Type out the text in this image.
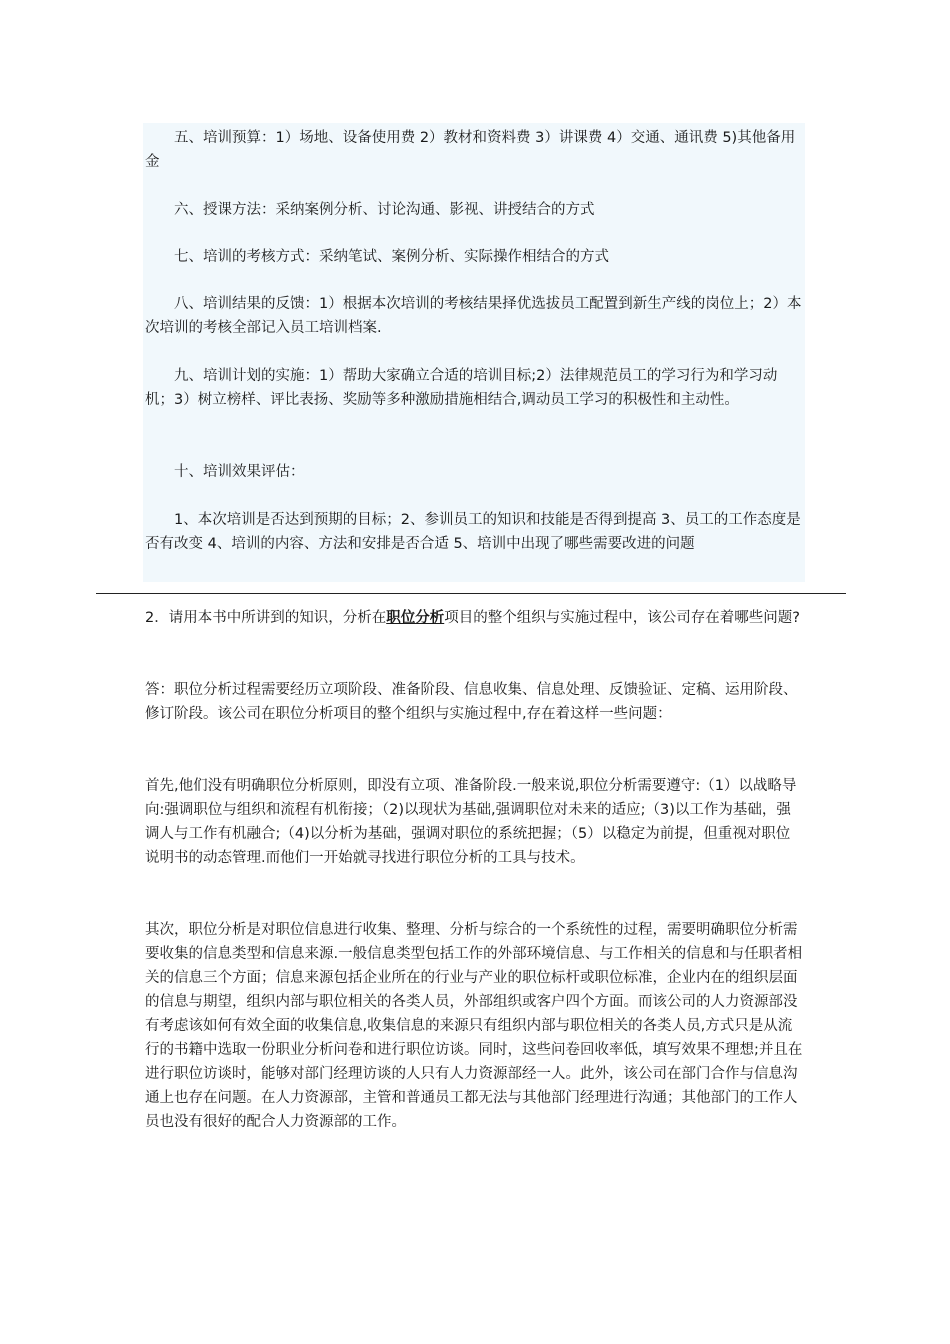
五、培训预算：1）场地、设备使用费 2）教材和资料费 3）讲课费 4）交通、通讯费 5)其他备用金

六、授课方法：采纳案例分析、讨论沟通、影视、讲授结合的方式

七、培训的考核方式：采纳笔试、案例分析、实际操作相结合的方式

八、培训结果的反馈：1）根据本次培训的考核结果择优选拔员工配置到新生产线的岗位上；2）本次培训的考核全部记入员工培训档案.

九、培训计划的实施：1）帮助大家确立合适的培训目标;2）法律规范员工的学习行为和学习动机；3）树立榜样、评比表扬、奖励等多种激励措施相结合,调动员工学习的积极性和主动性。

十、培训效果评估：

1、本次培训是否达到预期的目标；2、参训员工的知识和技能是否得到提高 3、员工的工作态度是否有改变 4、培训的内容、方法和安排是否合适 5、培训中出现了哪些需要改进的问题

2．请用本书中所讲到的知识，分析在职位分析项目的整个组织与实施过程中，该公司存在着哪些问题?

答：职位分析过程需要经历立项阶段、准备阶段、信息收集、信息处理、反馈验证、定稿、运用阶段、修订阶段。该公司在职位分析项目的整个组织与实施过程中,存在着这样一些问题：

首先,他们没有明确职位分析原则，即没有立项、准备阶段.一般来说,职位分析需要遵守:（1）以战略导向:强调职位与组织和流程有机衔接；（2)以现状为基础,强调职位对未来的适应;（3)以工作为基础，强调人与工作有机融合;（4)以分析为基础，强调对职位的系统把握；（5）以稳定为前提，但重视对职位说明书的动态管理.而他们一开始就寻找进行职位分析的工具与技术。

其次，职位分析是对职位信息进行收集、整理、分析与综合的一个系统性的过程，需要明确职位分析需要收集的信息类型和信息来源.一般信息类型包括工作的外部环境信息、与工作相关的信息和与任职者相关的信息三个方面；信息来源包括企业所在的行业与产业的职位标杆或职位标准，企业内在的组织层面的信息与期望，组织内部与职位相关的各类人员，外部组织或客户四个方面。而该公司的人力资源部没有考虑该如何有效全面的收集信息,收集信息的来源只有组织内部与职位相关的各类人员,方式只是从流行的书籍中选取一份职业分析问卷和进行职位访谈。同时，这些问卷回收率低，填写效果不理想;并且在进行职位访谈时，能够对部门经理访谈的人只有人力资源部经一人。此外，该公司在部门合作与信息沟通上也存在问题。在人力资源部，主管和普通员工都无法与其他部门经理进行沟通；其他部门的工作人员也没有很好的配合人力资源部的工作。
